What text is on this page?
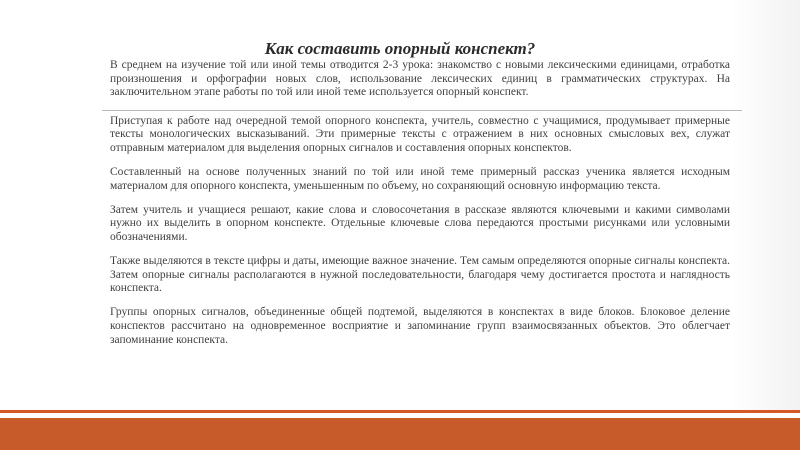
Как составить опорный конспект?

В среднем на изучение той или иной темы отводится 2-3 урока: знакомство с новыми лексическими единицами, отработка произношения и орфографии новых слов, использование лексических единиц в грамматических структурах. На заключительном этапе работы по той или иной теме используется опорный конспект.

Приступая к работе над очередной темой опорного конспекта, учитель, совместно с учащимися, продумывает примерные тексты монологических высказываний. Эти примерные тексты с отражением в них основных смысловых вех, служат отправным материалом для выделения опорных сигналов и составления опорных конспектов.

Составленный на основе полученных знаний по той или иной теме примерный рассказ ученика является исходным материалом для опорного конспекта, уменьшенным по объему, но сохраняющий основную информацию текста.

Затем учитель и учащиеся решают, какие слова и словосочетания в рассказе являются ключевыми и какими символами нужно их выделить в опорном конспекте. Отдельные ключевые слова передаются простыми рисунками или условными обозначениями.

Также выделяются в тексте цифры и даты, имеющие важное значение. Тем самым определяются опорные сигналы конспекта. Затем опорные сигналы располагаются в нужной последовательности, благодаря чему достигается простота и наглядность конспекта.

Группы опорных сигналов, объединенные общей подтемой, выделяются в конспектах в виде блоков. Блоковое деление конспектов рассчитано на одновременное восприятие и запоминание групп взаимосвязанных объектов. Это облегчает запоминание конспекта.
